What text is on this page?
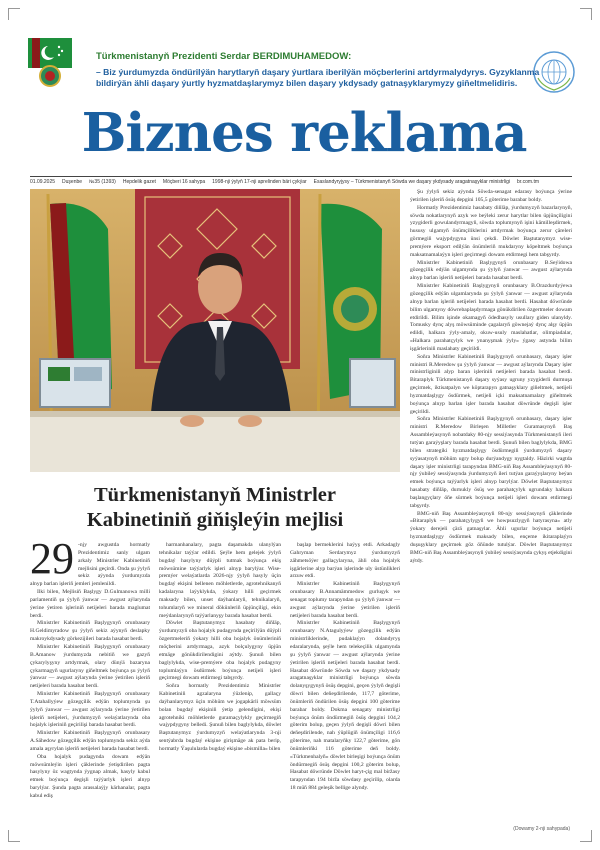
Türkmenistanyň Prezidenti Serdar BERDIMUHAMEDOW:
– Biz ýurdumyzda öndürilýän harytlaryň daşary ýurtlara iberilýän möçberlerini artdyrmalydyrys. Gyzyklanma bildirýän ähli daşary ýurtly hyzmatdaşlarymyz bilen daşary ykdysady gatnaşyklarymyzy giňeltmelidiris.
Biznes reklama
01.09.2025 Duşenbe №35 (1393) Hepdelik gazet Möçberi 16 sahypa 1998-nji ýylyň 17-nji aprelinden bäri çykýar Esaslandyryjysy – Türkmenistanyň Söwda we daşary ykdysady aragatnaşyklar ministrligi br.com.tm
Türkmenistanyň Ministrler
Kabinetiniň giňişleýin mejlisi
29 -njy awgustda hormatly Prezidentimiz sanly ulgam arkaly Ministrler Kabinetiniň mejlisini geçirdi. Onda şu ýylyň sekiz aýynda ýurdumyzda alnyp barlan işleriň jemleri jemlenildi.

Ilki bilen, Mejlisiň Başlygy D.Gulmanowa milli parlamentiň şu ýylyň ýanwar — awgust aýlarynda ýerine ýetiren işleriniň netijeleri barada maglumat berdi.

Ministrler Kabinetiniň Başlygynyň orunbasary H.Geldimyradow şu ýylyň sekiz aýynyň deslapky makroykdysady görkezijileri barada hasabat berdi.

Ministrler Kabinetiniň Başlygynyň orunbasary B.Amanow ýurdumyzda nebitiň we gazyň çykarylyşyny artdyrmak, olary dünýä bazaryna çykarmagyň ugurlaryny giňeltmek boýunça şu ýylyň ýanwar — awgust aýlarynda ýerine ýetirilen işleriň netijeleri barada hasabat berdi.

Ministrler Kabinetiniň Başlygynyň orunbasary T.Atahallyýew gözegçilik edýän toplumynda şu ýylyň ýanwar — awgust aýlarynda ýerine ýetirilen işleriň netijeleri, ýurdumyzyň welaýatlarynda oba hojalyk işleriniň geçirilişi barada hasabat berdi.

Ministrler Kabinetiniň Başlygynyň orunbasary A.Sähedow gözegçilik edýän toplumynda sekiz aýda amala aşyrylan işleriň netijeleri barada hasabat berdi.

Oba hojalyk pudagynda dowam edýän möwsümleýin işleri çäklerinde ýetişdirilen pagta hasylyny öz wagtynda ýygnap almak, hasyly kabul etmek boýunça degişli taýýarlyk işleri alnyp barylýar. Şunda pagta arassalaýjy kärhanalar, pagta kabul ediş

harmanhanalary, pagta daşamakda ulanylýan tehnikalar taýýar edildi. Şeýle hem gelejek ýylyň bugdaý hasylyny düýpli tutmak boýunça ekiş möwsümine taýýarlyk işleri alnyp barylýar. Wise-premýer welaýatlarda 2026-njy ýylyň hasyly üçin bugdaý ekişini bellenen möhletlerde, agrotehnikanyň kadalaryna laýyklykda, ýokary hilli geçirmek maksady bilen, unset daýhanlaryň, tehnikalaryň, tohumlaryň we mineral dökünleriň üpjünçiligi, ekin meýdanlarynyň taýýarlanyşy barada hasabat berdi.

Döwlet Baştutanymyz hasabaty diňläp, ýurdumyzyň oba hojalyk pudagynda geçirilýän düýpli özgertmeleriň ýokary hilli oba hojalyk önümleriniň möçberini artdyrmaga, azyk bolçulygyny üpjün etmäge gönükdirilendigini aýtdy. Şunuň bilen baglylykda, wise-premýere oba hojalyk pudagyny toplumlaýyn ösdürmek boýunça netijeli işleri geçirmegi dowam etdirmegi tabşyrdy.

Soňra hormatly Prezidentimiz Ministrler Kabinetiniň agzalaryna ýüzlenip, gallaçy daýhanlarymyz üçin möhüm we jogapkärli möwsüm bolan bugdaý ekişiniň ýetip gelendigini, ekişi agrotehniki möhletlerde guramaçylykly geçirmegiň wajypdygyny belledi. Şunuň bilen baglylykda, döwlet Baştutanymyz ýurdumyzyň welaýatlarynda 3-nji sentýabrda bugdaý ekişine girişmäge ak pata berip, hormatly Ýaşulularda bugdaý ekişine «bismilla» bilen

başlap bermeklerini haýyş etdi. Arkadagly Gahryman Serdarymyz ýurdumyzyň zähmetsöýer gallaçylaryna, ähli oba hojalyk işgärlerine alyp barýan işlerinde uly üstünlikleri arzuw etdi.

Ministrler Kabinetiniň Başlygynyň orunbasary B.Annamämmedow gurluşyk we senagat toplumy tarapyndan şu ýylyň ýanwar — awgust aýlarynda ýerine ýetirilen işleriň netijeleri barada hasabat berdi.

Ministrler Kabinetiniň Başlygynyň orunbasary N.Atagulyýew gözegçilik edýän ministrliklerinde, pudaklaýyn dolandyryş edaralarynda, şeýle hem telekeçilik ulgamynda şu ýylyň ýanwar — awgust aýlarynda ýerine ýetirilen işleriň netijeleri barada hasabat berdi. Hasabat döwründe Söwda we daşary ykdysady aragatnaşyklar ministrligi boýunça söwda dolanyşygynyň ösüş depgini, geçen ýylyň degişli döwri bilen deňeşdirilende, 117,7 göterime, önümleriň öndürilen ösüş depgini 100 göterime barabar boldy. Dokma senagaty ministrligi boýunça önüm öndürmegiň ösüş depgini 104,2 göterim bolup, geçen ýylyň degişli döwri bilen deňeşdirilende, nah ýüplügiň önümçiligi 116,6 göterime, nah matalaryňky 122,7 göterime, gön önümleriňki 116 göterime deň boldy. «Türkmenhalyň» döwlet birleşigi boýunça önüm öndürmegiň ösüş depgini 100,2 göterim bolup, Hasabat döwründe Döwlet haryt-çig mal biržasy tarapyndan 194 birža söwdasy geçirilip, olarda 18 müň 884 geleşik bellige alyndy.

Şu ýylyň sekiz aýynda Söwda-senagat edarasy boýunça ýerine ýetirilen işleriň ösüş depgini 105,5 göterime barabar boldy.

Hormatly Prezidentimiz hasabaty diňläp, ýurdumyzyň bazarlarynyň, söwda nokatlarynyň azyk we beýleki zerur harytlar bilen üpjünçiligini yzygiderli gowulandyrmagyň, söwda toplumynyň işini kämilleşdirmek, hususy ulgamyň önümçiliklerini artdyrmak boýunça zerur çäreleri görmegiň wajypdygyna ünsi çekdi. Döwlet Baştutanymyz wise-premýere eksport edilýän önümleriň mukdaryny köpeltmek boýunça maksatnamalaýyn işleri geçirmegi dowam etdirmegi hem tabşyrdy.

Ministrler Kabinetiniň Başlygynyň orunbasary B.Seýidowa gözegçilik edýän ulgamynda şu ýylyň ýanwar — awgust aýlarynda alnyp barlan işleriň netijeleri barada hasabat berdi.

Ministrler Kabinetiniň Başlygynyň orunbasary B.Orazdurdyýewa gözegçilik edýän ulgamlarynda şu ýylyň ýanwar — awgust aýlarynda alnyp barlan işleriň netijeleri barada hasabat berdi. Hasabat döwründe bilim ulgamyny döwrebaplaşdyrmaga gönükdirilen özgertmeler dowam etdirildi. Bilim işinde okamagyň ödedhasyly usullary giden ulanyldy. Tomusky dynç alyş möwsüminde çagalaryň göwnejaý dynç alşy üpjün edildi, halkara ýyly-amaly, okuw-usuly maslahatlar, olimpiadalar, «Halkara parahatçylyk we ynanyşmak ýyly» ýgasy astynda bilim işgärleriniň maslahaty geçirildi.

Soňra Ministrler Kabinetiniň Başlygynyň orunbasary, daşary işler ministri R.Meredow şu ýylyň ýanwar — awgust aýlarynda Daşary işler ministrliginiň alyp baran işleriniň netijeleri barada hasabat berdi. Bitaraplyk Türkmenistanyň daşary syýasy ugruny yzygiderli durmuşa geçirmek, iktisatpalyn we köptarapyn gatnaşyklary giňeltmek, netijeli hyzmatdaşlygy ösdürmek, netijeli içki maksatnamalary giňeltmek boýunça alnyp barlan işler barada hasabat döwründe degişli işler geçirildi.

Soňra Ministrler Kabinetiniň Başlygynyň orunbasary, daşary işler ministri R.Meredow Birleşen Milletler Guramasynyň Baş Assambleýasynyň nobatdaky 80-njy sessiýasynda Türkmenistanyň ileri tutýan garaýyşlary barada hasabat berdi. Şunuň bilen baglylykda, BMG bilen strategiki hyzmatdaşlygy ösdürmegiň ýurdumyzyň daşary syýasatynyň möhüm ugry bolup durýandygy nygtaldy. Häzirki wagtda daşary işler ministrligi tarapyndan BMG-niň Baş Assambleýasynyň 80-njy ýubileý sessiýasynda ýurdumyzyň ileri tutýan garaýyşlaryny beýan etmek boýunça taýýarlyk işleri alnyp barylýar. Döwlet Baştutanymyz hasabaty diňläp, durnukly ösüş we parahatçylyk ugrundaky halkara başlangyçlary öňe sürmek boýunça netijeli işleri dowam etdirmegi tabşyrdy.

BMG-niň Baş Assambleýasynyň 80-njy sessiýasynyň çäklerinde «Bitaraplyk — parahatçylygyň we howpsuzlygyň hatyrasyna» atly ýokary derejeli çärä gatnaşylar. Ähli ugurlar boýunça netijeli hyzmatdaşlygy ösdürmek maksady bilen, ençeme ikitaraplaýyn duşuşyklary geçirmek göz öňünde tutulýar. Döwlet Baştutanymyz BMG-niň Baş Assambleýasynyň ýubileý sessiýasynda çykyş etjekdigini aýtdy.

(Dowamy 2-nji sahypada)
